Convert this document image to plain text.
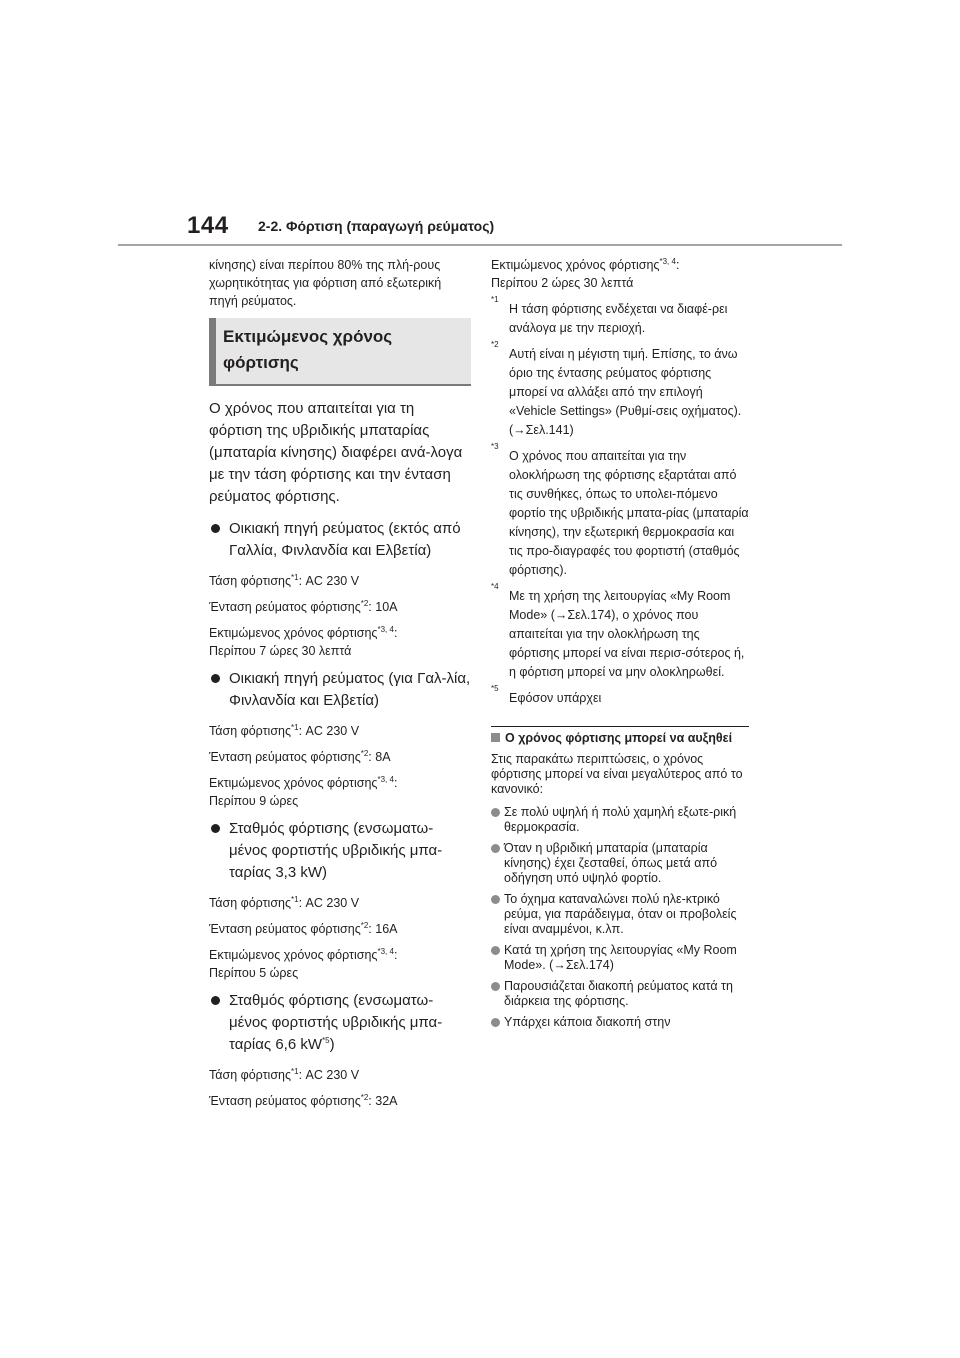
144 2-2. Φόρτιση (παραγωγή ρεύματος)

κίνησης) είναι περίπου 80% της πλή-ρους χωρητικότητας για φόρτιση από εξωτερική πηγή ρεύματος.

Εκτιμώμενος χρόνος φόρτισης

Ο χρόνος που απαιτείται για τη φόρτιση της υβριδικής μπαταρίας (μπαταρία κίνησης) διαφέρει ανά-λογα με την τάση φόρτισης και την ένταση ρεύματος φόρτισης.

Οικιακή πηγή ρεύματος (εκτός από Γαλλία, Φινλανδία και Ελβετία)

Τάση φόρτισης$^{*1}$: AC 230 V

Ένταση ρεύματος φόρτισης$^{*2}$: 10A

Εκτιμώμενος χρόνος φόρτισης$^{*3, 4}$:
Περίπου 7 ώρες 30 λεπτά

Οικιακή πηγή ρεύματος (για Γαλ-λία, Φινλανδία και Ελβετία)

Τάση φόρτισης$^{*1}$: AC 230 V

Ένταση ρεύματος φόρτισης$^{*2}$: 8A

Εκτιμώμενος χρόνος φόρτισης$^{*3, 4}$:
Περίπου 9 ώρες

Σταθμός φόρτισης (ενσωματω-μένος φορτιστής υβριδικής μπα-ταρίας 3,3 kW)

Τάση φόρτισης$^{*1}$: AC 230 V

Ένταση ρεύματος φόρτισης$^{*2}$: 16A

Εκτιμώμενος χρόνος φόρτισης$^{*3, 4}$:
Περίπου 5 ώρες

Σταθμός φόρτισης (ενσωματω-μένος φορτιστής υβριδικής μπα-ταρίας 6,6 $kW^{*5}$)

Τάση φόρτισης$^{*1}$: AC 230 V

Ένταση ρεύματος φόρτισης$^{*2}$: 32A

Εκτιμώμενος χρόνος φόρτισης$^{*3, 4}$:
Περίπου 2 ώρες 30 λεπτά

*1
Η τάση φόρτισης ενδέχεται να διαφέ-ρει ανάλογα με την περιοχή.
*2
Αυτή είναι η μέγιστη τιμή. Επίσης, το άνω όριο της έντασης ρεύματος φόρτισης μπορεί να αλλάξει από την επιλογή «Vehicle Settings» (Ρυθμί-σεις οχήματος). (→Σελ.141)
*3
Ο χρόνος που απαιτείται για την ολοκλήρωση της φόρτισης εξαρτάται από τις συνθήκες, όπως το υπολει-πόμενο φορτίο της υβριδικής μπατα-ρίας (μπαταρία κίνησης), την εξωτερική θερμοκρασία και τις προ-διαγραφές του φορτιστή (σταθμός φόρτισης).
*4
Με τη χρήση της λειτουργίας «My Room Mode» (→Σελ.174), ο χρόνος που απαιτείται για την ολοκλήρωση της φόρτισης μπορεί να είναι περισ-σότερος ή, η φόρτιση μπορεί να μην ολοκληρωθεί.
*5
Εφόσον υπάρχει
Ο χρόνος φόρτισης μπορεί να αυξηθεί

Στις παρακάτω περιπτώσεις, ο χρόνος φόρτισης μπορεί να είναι μεγαλύτερος από το κανονικό:

Σε πολύ υψηλή ή πολύ χαμηλή εξωτε-ρική θερμοκρασία.
Όταν η υβριδική μπαταρία (μπαταρία κίνησης) έχει ζεσταθεί, όπως μετά από οδήγηση υπό υψηλό φορτίο.
Το όχημα καταναλώνει πολύ ηλε-κτρικό ρεύμα, για παράδειγμα, όταν οι προβολείς είναι αναμμένοι, κ.λπ.
Κατά τη χρήση της λειτουργίας «My Room Mode». (→Σελ.174)
Παρουσιάζεται διακοπή ρεύματος κατά τη διάρκεια της φόρτισης.
Υπάρχει κάποια διακοπή στην
